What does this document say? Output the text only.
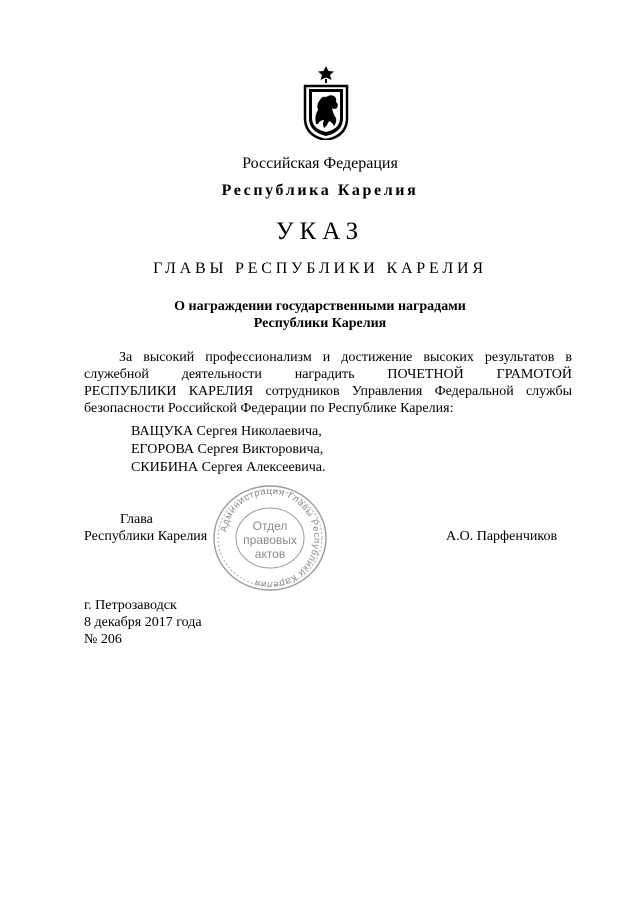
Российская Федерация
Республика Карелия
УКАЗ
ГЛАВЫ РЕСПУБЛИКИ КАРЕЛИЯ
О награждении государственными наградами
Республики Карелия
За высокий профессионализм и достижение высоких результатов в
служебной деятельности наградить ПОЧЕТНОЙ ГРАМОТОЙ
РЕСПУБЛИКИ КАРЕЛИЯ сотрудников Управления Федеральной службы
безопасности Российской Федерации по Республике Карелия:
ВАЩУКА Сергея Николаевича,
ЕГОРОВА Сергея Викторовича,
СКИБИНА Сергея Алексеевича.
Администрация Главы Республики Карелия
Отдел
правовых
актов
Глава
Республики Карелия	А.О. Парфенчиков
г. Петрозаводск
8 декабря 2017 года
№ 206
